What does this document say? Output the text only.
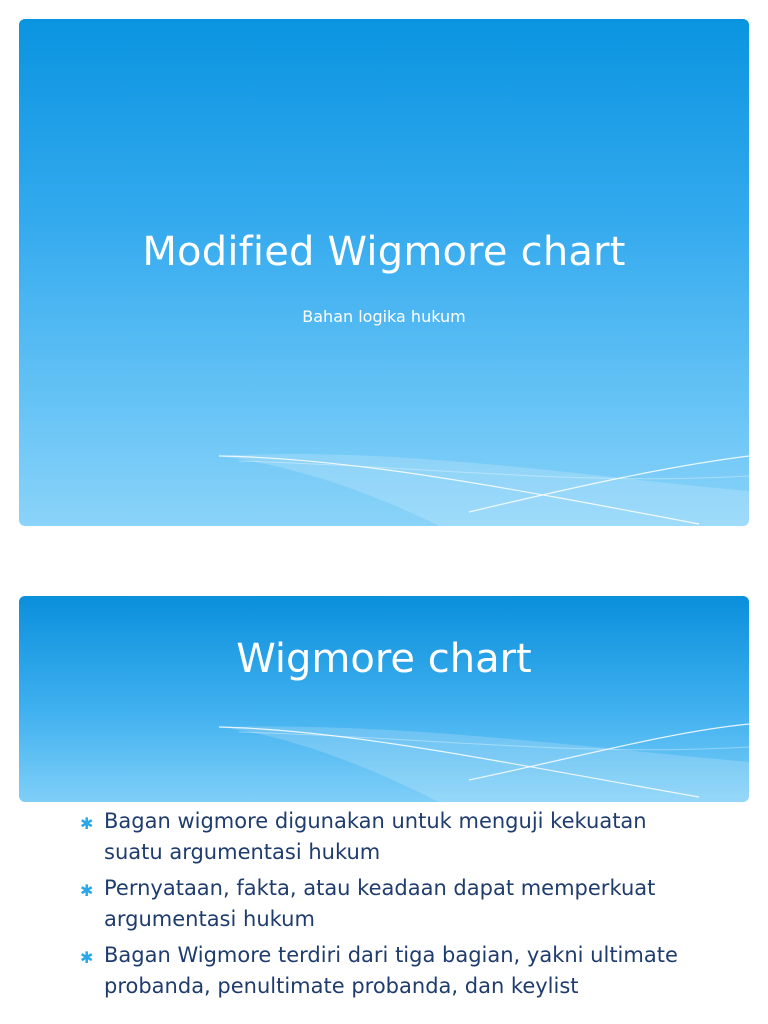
Modified Wigmore chart
Bahan logika hukum
Wigmore chart
✱ Bagan wigmore digunakan untuk menguji kekuatan suatu argumentasi hukum
✱ Pernyataan, fakta, atau keadaan dapat memperkuat argumentasi hukum
✱ Bagan Wigmore terdiri dari tiga bagian, yakni ultimate probanda, penultimate probanda, dan keylist
